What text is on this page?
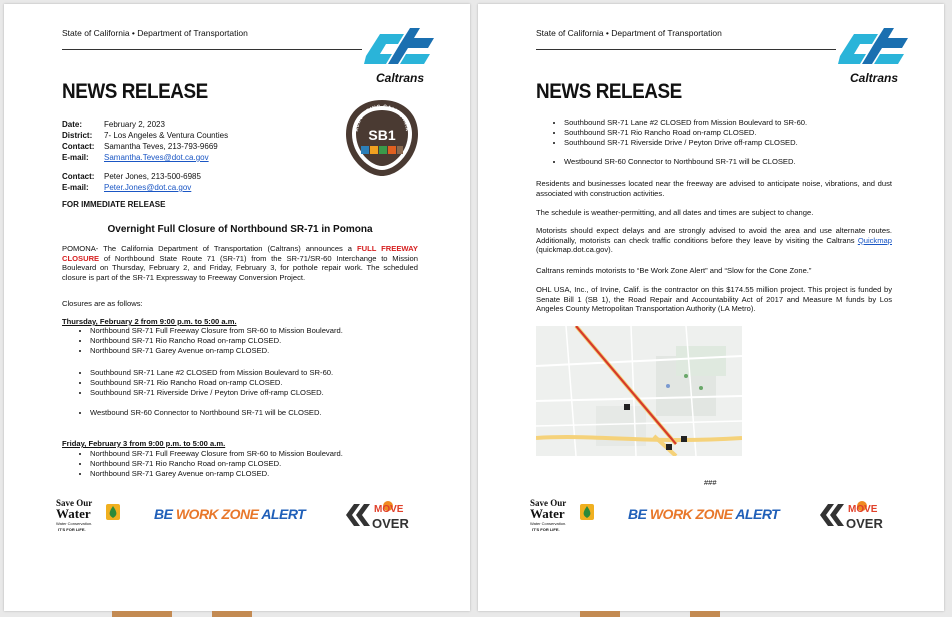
State of California • Department of Transportation
Caltrans
NEWS RELEASE
Date:	February 2, 2023
District: 7- Los Angeles & Ventura Counties
Contact: Samantha Teves, 213-793-9669
E-mail: Samantha.Teves@dot.ca.gov
Contact: Peter Jones, 213-500-6985
E-mail: Peter.Jones@dot.ca.gov
REBUILDING CALIFORNIA
SB1
FOR IMMEDIATE RELEASE
Overnight Full Closure of Northbound SR-71 in Pomona
POMONA- The California Department of Transportation (Caltrans) announces a FULL FREEWAY CLOSURE of Northbound State Route 71 (SR-71) from the SR-71/SR-60 Interchange to Mission Boulevard on Thursday, February 2, and Friday, February 3, for pothole repair work. The scheduled closure is part of the SR-71 Expressway to Freeway Conversion Project.
Closures are as follows:
Thursday, February 2 from 9:00 p.m. to 5:00 a.m.
• Northbound SR-71 Full Freeway Closure from SR-60 to Mission Boulevard.
• Northbound SR-71 Rio Rancho Road on-ramp CLOSED.
• Northbound SR-71 Garey Avenue on-ramp CLOSED.
• Southbound SR-71 Lane #2 CLOSED from Mission Boulevard to SR-60.
• Southbound SR-71 Rio Rancho Road on-ramp CLOSED.
• Southbound SR-71 Riverside Drive / Peyton Drive off-ramp CLOSED.
• Westbound SR-60 Connector to Northbound SR-71 will be CLOSED.
Friday, February 3 from 9:00 p.m. to 5:00 a.m.
• Northbound SR-71 Full Freeway Closure from SR-60 to Mission Boulevard.
• Northbound SR-71 Rio Rancho Road on-ramp CLOSED.
• Northbound SR-71 Garey Avenue on-ramp CLOSED.
Save Our
Water
Water Conservation.
IT'S FOR LIFE.
BE WORK ZONE ALERT	MOVE
OVER
State of California • Department of Transportation
Caltrans
NEWS RELEASE
• Southbound SR-71 Lane #2 CLOSED from Mission Boulevard to SR-60.
• Southbound SR-71 Rio Rancho Road on-ramp CLOSED.
• Southbound SR-71 Riverside Drive / Peyton Drive off-ramp CLOSED.
• Westbound SR-60 Connector to Northbound SR-71 will be CLOSED.
Residents and businesses located near the freeway are advised to anticipate noise, vibrations, and dust associated with construction activities.
The schedule is weather-permitting, and all dates and times are subject to change.
Motorists should expect delays and are strongly advised to avoid the area and use alternate routes. Additionally, motorists can check traffic conditions before they leave by visiting the Caltrans Quickmap (quickmap.dot.ca.gov).
Caltrans reminds motorists to “Be Work Zone Alert” and “Slow for the Cone Zone.”
OHL USA, Inc., of Irvine, Calif. is the contractor on this $174.55 million project. This project is funded by Senate Bill 1 (SB 1), the Road Repair and Accountability Act of 2017 and Measure M funds by Los Angeles County Metropolitan Transportation Authority (LA Metro).
###
Save Our
Water
Water Conservation.
IT'S FOR LIFE.
BE WORK ZONE ALERT	MOVE
OVER
